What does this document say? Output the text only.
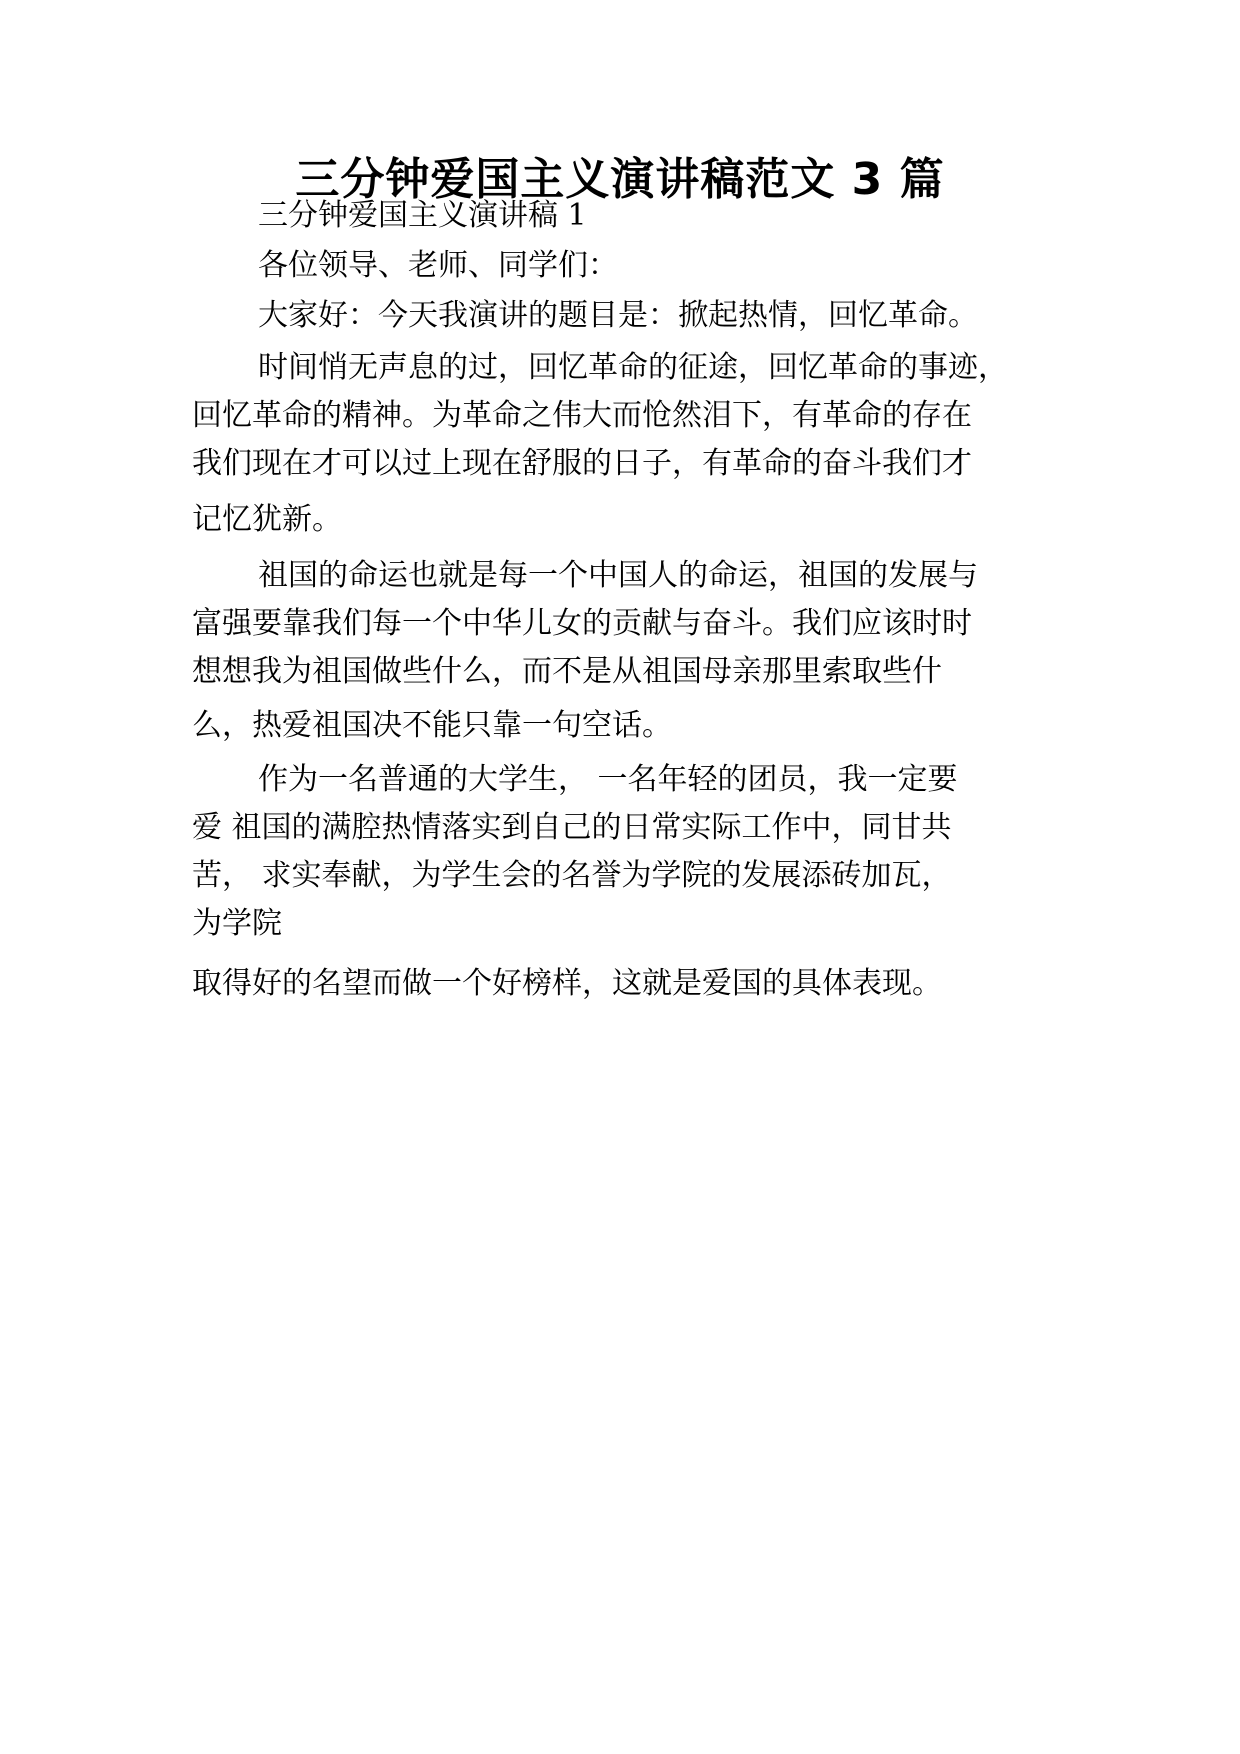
三分钟爱国主义演讲稿范文 3 篇
三分钟爱国主义演讲稿 1
各位领导、老师、同学们：
大家好：今天我演讲的题目是：掀起热情，回忆革命。
时间悄无声息的过，回忆革命的征途，回忆革命的事迹，
回忆革命的精神。为革命之伟大而怆然泪下，有革命的存在
我们现在才可以过上现在舒服的日子，有革命的奋斗我们才
记忆犹新。
祖国的命运也就是每一个中国人的命运，祖国的发展与
富强要靠我们每一个中华儿女的贡献与奋斗。我们应该时时
想想我为祖国做些什么，而不是从祖国母亲那里索取些什
么，热爱祖国决不能只靠一句空话。
作为一名普通的大学生， 一名年轻的团员，我一定要
爱 祖国的满腔热情落实到自己的日常实际工作中，同甘共
苦， 求实奉献，为学生会的名誉为学院的发展添砖加瓦，
为学院
取得好的名望而做一个好榜样，这就是爱国的具体表现。
